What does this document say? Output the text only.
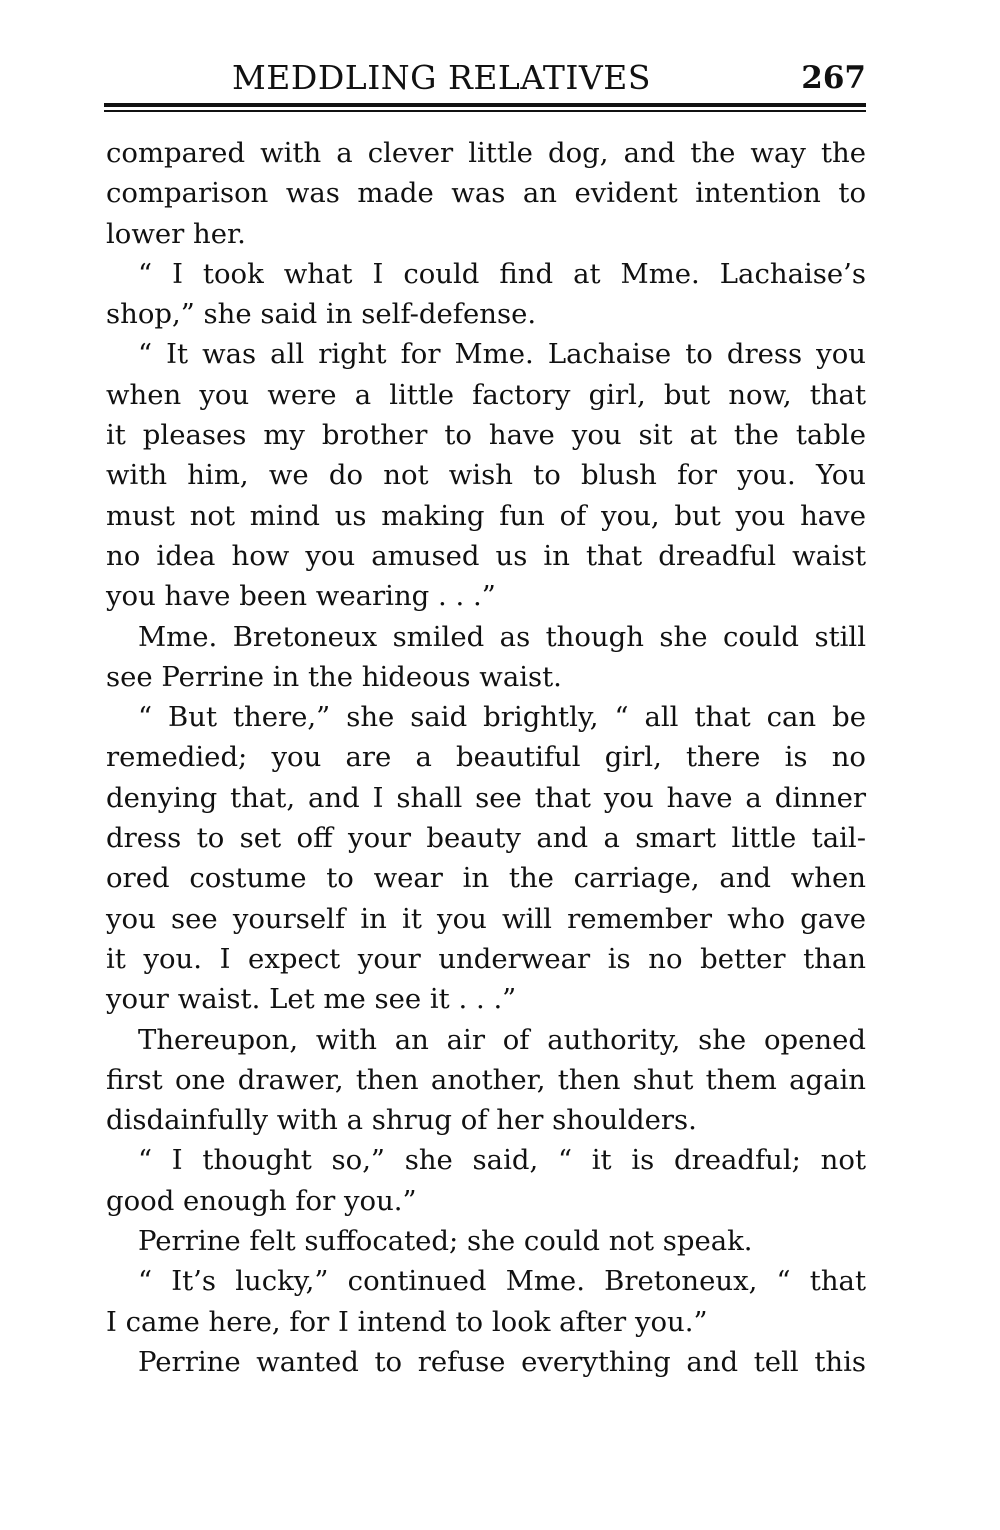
MEDDLING RELATIVES	267
compared with a clever little dog, and the way the
comparison was made was an evident intention to
lower her.
“ I took what I could find at Mme. Lachaise’s
shop,” she said in self-defense.
“ It was all right for Mme. Lachaise to dress you
when you were a little factory girl, but now, that
it pleases my brother to have you sit at the table
with him, we do not wish to blush for you. You
must not mind us making fun of you, but you have
no idea how you amused us in that dreadful waist
you have been wearing . . .”
Mme. Bretoneux smiled as though she could still
see Perrine in the hideous waist.
“ But there,” she said brightly, “ all that can be
remedied; you are a beautiful girl, there is no
denying that, and I shall see that you have a dinner
dress to set off your beauty and a smart little tail-
ored costume to wear in the carriage, and when
you see yourself in it you will remember who gave
it you. I expect your underwear is no better than
your waist. Let me see it . . .”
Thereupon, with an air of authority, she opened
first one drawer, then another, then shut them again
disdainfully with a shrug of her shoulders.
“ I thought so,” she said, “ it is dreadful; not
good enough for you.”
Perrine felt suffocated; she could not speak.
“ It’s lucky,” continued Mme. Bretoneux, “ that
I came here, for I intend to look after you.”
Perrine wanted to refuse everything and tell this
